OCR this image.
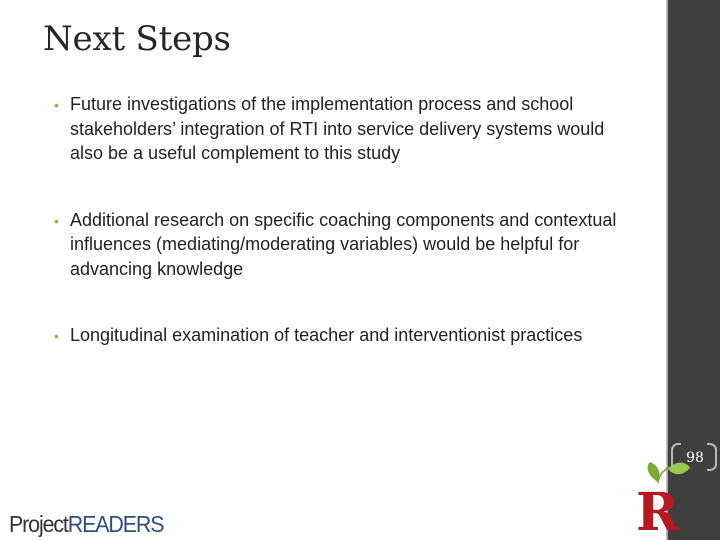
Next Steps
• Future investigations of the implementation process and school stakeholders’ integration of RTI into service delivery systems would also be a useful complement to this study
• Additional research on specific coaching components and contextual influences (mediating/moderating variables) would be helpful for advancing knowledge
• Longitudinal examination of teacher and interventionist practices
98
R
ProjectREADERS
